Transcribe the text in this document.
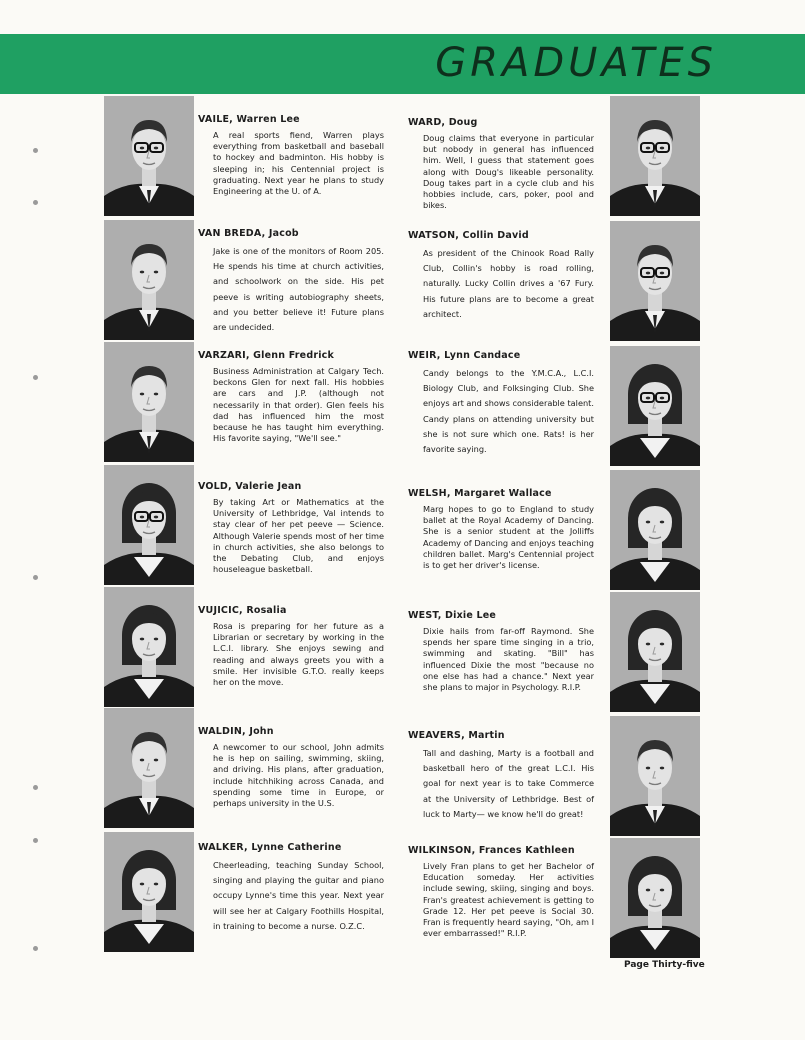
GRADUATES
VAILE, Warren Lee
A real sports fiend, Warren plays everything from basketball and baseball to hockey and badminton. His hobby is sleeping in; his Centennial project is graduating. Next year he plans to study Engineering at the U. of A.
VAN BREDA, Jacob
Jake is one of the monitors of Room 205. He spends his time at church activities, and schoolwork on the side. His pet peeve is writing autobiography sheets, and you better believe it! Future plans are undecided.
VARZARI, Glenn Fredrick
Business Administration at Calgary Tech. beckons Glen for next fall. His hobbies are cars and J.P. (although not necessarily in that order). Glen feels his dad has influenced him the most because he has taught him everything. His favorite saying, "We'll see."
VOLD, Valerie Jean
By taking Art or Mathematics at the University of Lethbridge, Val intends to stay clear of her pet peeve — Science. Although Valerie spends most of her time in church activities, she also belongs to the Debating Club, and enjoys houseleague basketball.
VUJICIC, Rosalia
Rosa is preparing for her future as a Librarian or secretary by working in the L.C.I. library. She enjoys sewing and reading and always greets you with a smile. Her invisible G.T.O. really keeps her on the move.
WALDIN, John
A newcomer to our school, John admits he is hep on sailing, swimming, skiing, and driving. His plans, after graduation, include hitchhiking across Canada, and spending some time in Europe, or perhaps university in the U.S.
WALKER, Lynne Catherine
Cheerleading, teaching Sunday School, singing and playing the guitar and piano occupy Lynne's time this year. Next year will see her at Calgary Foothills Hospital, in training to become a nurse. O.Z.C.
WARD, Doug
Doug claims that everyone in particular but nobody in general has influenced him. Well, I guess that statement goes along with Doug's likeable personality. Doug takes part in a cycle club and his hobbies include, cars, poker, pool and bikes.
WATSON, Collin David
As president of the Chinook Road Rally Club, Collin's hobby is road rolling, naturally. Lucky Collin drives a '67 Fury. His future plans are to become a great architect.
WEIR, Lynn Candace
Candy belongs to the Y.M.C.A., L.C.I. Biology Club, and Folksinging Club. She enjoys art and shows considerable talent. Candy plans on attending university but she is not sure which one. Rats! is her favorite saying.
WELSH, Margaret Wallace
Marg hopes to go to England to study ballet at the Royal Academy of Dancing. She is a senior student at the Jolliffs Academy of Dancing and enjoys teaching children ballet. Marg's Centennial project is to get her driver's license.
WEST, Dixie Lee
Dixie hails from far-off Raymond. She spends her spare time singing in a trio, swimming and skating. "Bill" has influenced Dixie the most "because no one else has had a chance." Next year she plans to major in Psychology. R.I.P.
WEAVERS, Martin
Tall and dashing, Marty is a football and basketball hero of the great L.C.I. His goal for next year is to take Commerce at the University of Lethbridge. Best of luck to Marty— we know he'll do great!
WILKINSON, Frances Kathleen
Lively Fran plans to get her Bachelor of Education someday. Her activities include sewing, skiing, singing and boys. Fran's greatest achievement is getting to Grade 12. Her pet peeve is Social 30. Fran is frequently heard saying, "Oh, am I ever embarrassed!" R.I.P.
Page Thirty-five
